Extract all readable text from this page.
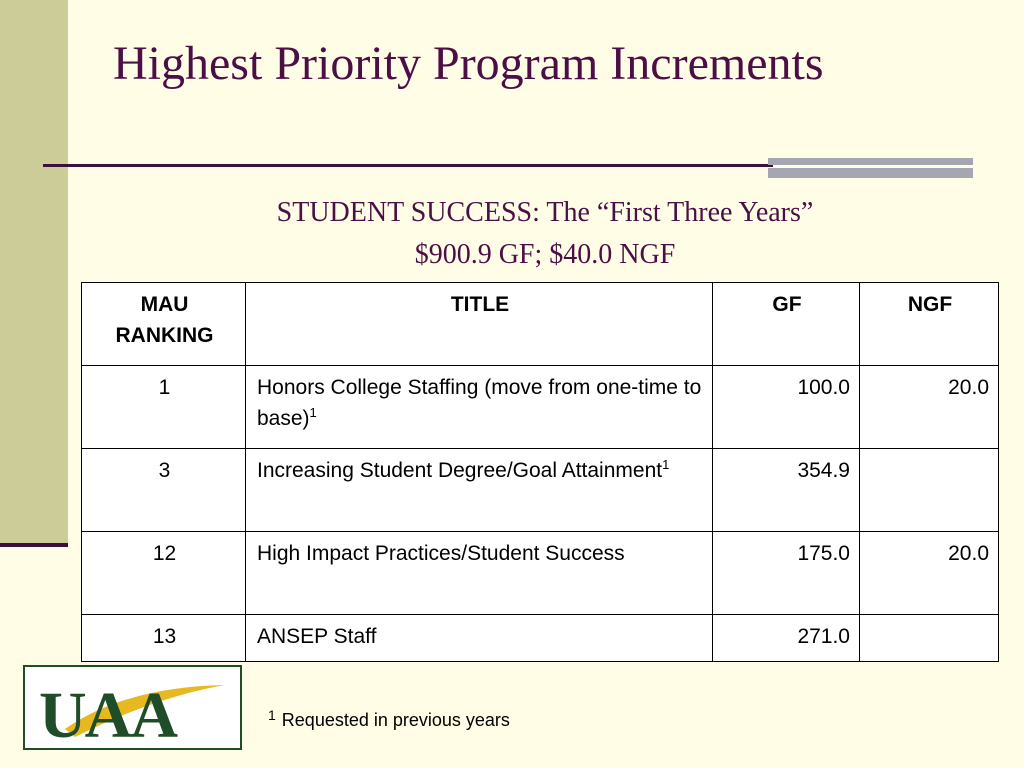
Highest Priority Program Increments
STUDENT SUCCESS: The “First Three Years”
$900.9 GF; $40.0 NGF
MAU
RANKING	TITLE	GF	NGF
1	Honors College Staffing (move from one-time to base)$^1$	100.0	20.0
3	Increasing Student Degree/Goal Attainment$^1$	354.9	
12	High Impact Practices/Student Success	175.0	20.0
13	ANSEP Staff	271.0	
UAA	$^1$ Requested in previous years
